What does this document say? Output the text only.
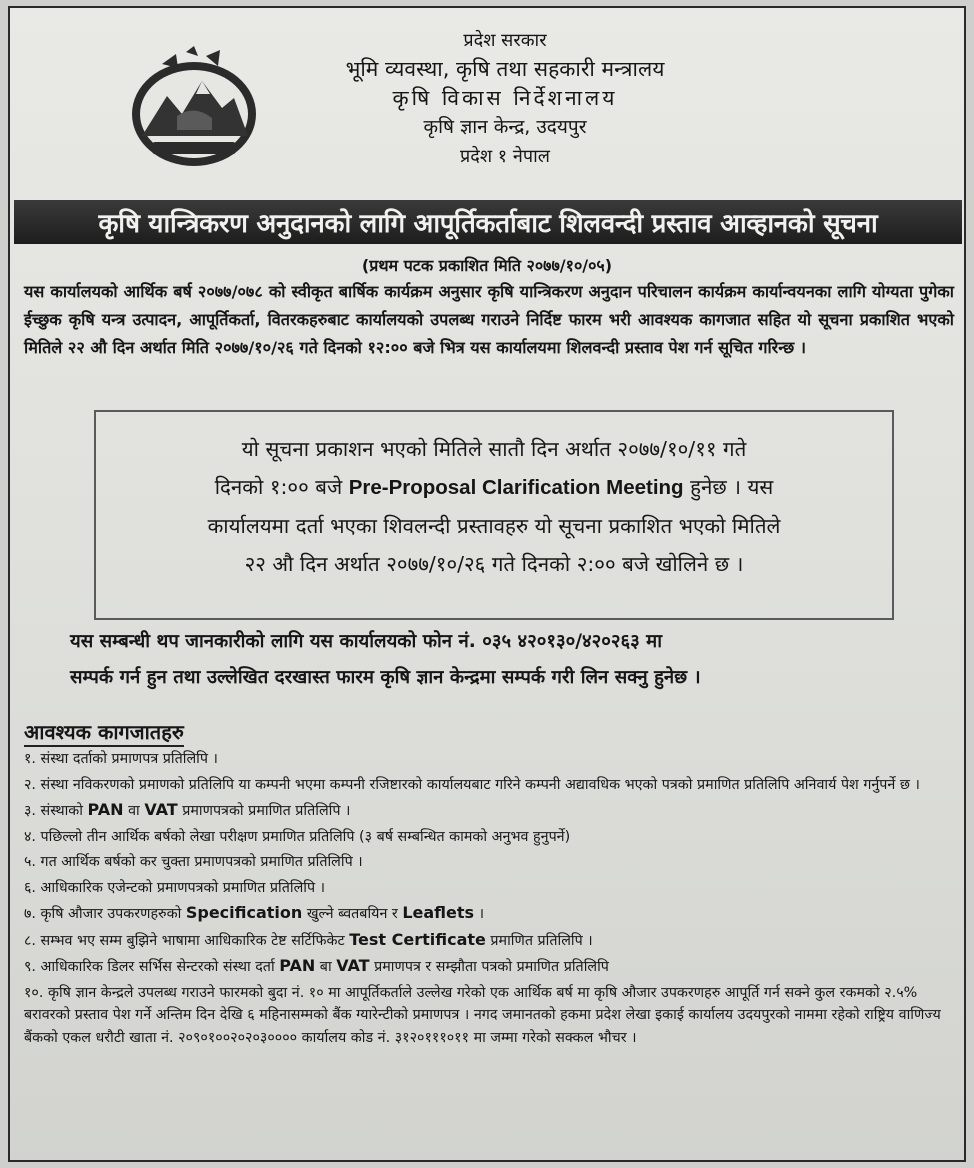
प्रदेश सरकार
भूमि व्यवस्था, कृषि तथा सहकारी मन्त्रालय
कृषि विकास निर्देशनालय
कृषि ज्ञान केन्द्र, उदयपुर
प्रदेश १ नेपाल
कृषि यान्त्रिकरण अनुदानको लागि आपूर्तिकर्ताबाट शिलवन्दी प्रस्ताव आव्हानको सूचना
(प्रथम पटक प्रकाशित मिति २०७७/१०/०५)
यस कार्यालयको आर्थिक बर्ष २०७७/०७८ को स्वीकृत बार्षिक कार्यक्रम अनुसार कृषि यान्त्रिकरण अनुदान परिचालन कार्यक्रम कार्यान्वयनका लागि योग्यता पुगेका ईच्छुक कृषि यन्त्र उत्पादन, आपूर्तिकर्ता, वितरकहरुबाट कार्यालयको उपलब्ध गराउने निर्दिष्ट फारम भरी आवश्यक कागजात सहित यो सूचना प्रकाशित भएको मितिले २२ औ दिन अर्थात मिति २०७७/१०/२६ गते दिनको १२:०० बजे भित्र यस कार्यालयमा शिलवन्दी प्रस्ताव पेश गर्न सूचित गरिन्छ ।
यो सूचना प्रकाशन भएको मितिले सातौ दिन अर्थात २०७७/१०/११ गते
दिनको १:०० बजे Pre-Proposal Clarification Meeting हुनेछ । यस
कार्यालयमा दर्ता भएका शिवलन्दी प्रस्तावहरु यो सूचना प्रकाशित भएको मितिले
२२ औ दिन अर्थात २०७७/१०/२६ गते दिनको २:०० बजे खोलिने छ ।
यस सम्बन्धी थप जानकारीको लागि यस कार्यालयको फोन नं. ०३५ ४२०१३०/४२०२६३ मा
सम्पर्क गर्न हुन तथा उल्लेखित दरखास्त फारम कृषि ज्ञान केन्द्रमा सम्पर्क गरी लिन सक्नु हुनेछ ।
आवश्यक कागजातहरु
१. संस्था दर्ताको प्रमाणपत्र प्रतिलिपि ।
२. संस्था नविकरणको प्रमाणको प्रतिलिपि या कम्पनी भएमा कम्पनी रजिष्टारको कार्यालयबाट गरिने कम्पनी अद्यावधिक भएको पत्रको प्रमाणित प्रतिलिपि अनिवार्य पेश गर्नुपर्ने छ ।
३. संस्थाको PAN वा VAT प्रमाणपत्रको प्रमाणित प्रतिलिपि ।
४. पछिल्लो तीन आर्थिक बर्षको लेखा परीक्षण प्रमाणित प्रतिलिपि (३ बर्ष सम्बन्धित कामको अनुभव हुनुपर्ने)
५. गत आर्थिक बर्षको कर चुक्ता प्रमाणपत्रको प्रमाणित प्रतिलिपि ।
६. आधिकारिक एजेन्टको प्रमाणपत्रको प्रमाणित प्रतिलिपि ।
७. कृषि औजार उपकरणहरुको Specification खुल्ने ब्वतबयिन र Leaflets ।
८. सम्भव भए सम्म बुझिने भाषामा आधिकारिक टेष्ट सर्टिफिकेट Test Certificate प्रमाणित प्रतिलिपि ।
९. आधिकारिक डिलर सर्भिस सेन्टरको संस्था दर्ता PAN बा VAT प्रमाणपत्र र सम्झौता पत्रको प्रमाणित प्रतिलिपि
१०. कृषि ज्ञान केन्द्रले उपलब्ध गराउने फारमको बुदा नं. १० मा आपूर्तिकर्ताले उल्लेख गरेको एक आर्थिक बर्ष मा कृषि औजार उपकरणहरु आपूर्ति गर्न सक्ने कुल रकमको २.५% बरावरको प्रस्ताव पेश गर्ने अन्तिम दिन देखि ६ महिनासम्मको बैंक ग्यारेन्टीको प्रमाणपत्र । नगद जमानतको हकमा प्रदेश लेखा इकाई कार्यालय उदयपुरको नाममा रहेको राष्ट्रिय वाणिज्य बैंकको एकल धरौटी खाता नं. २०९०१००२०२०३०००० कार्यालय कोड नं. ३१२०१११०११ मा जम्मा गरेको सक्कल भौचर ।
